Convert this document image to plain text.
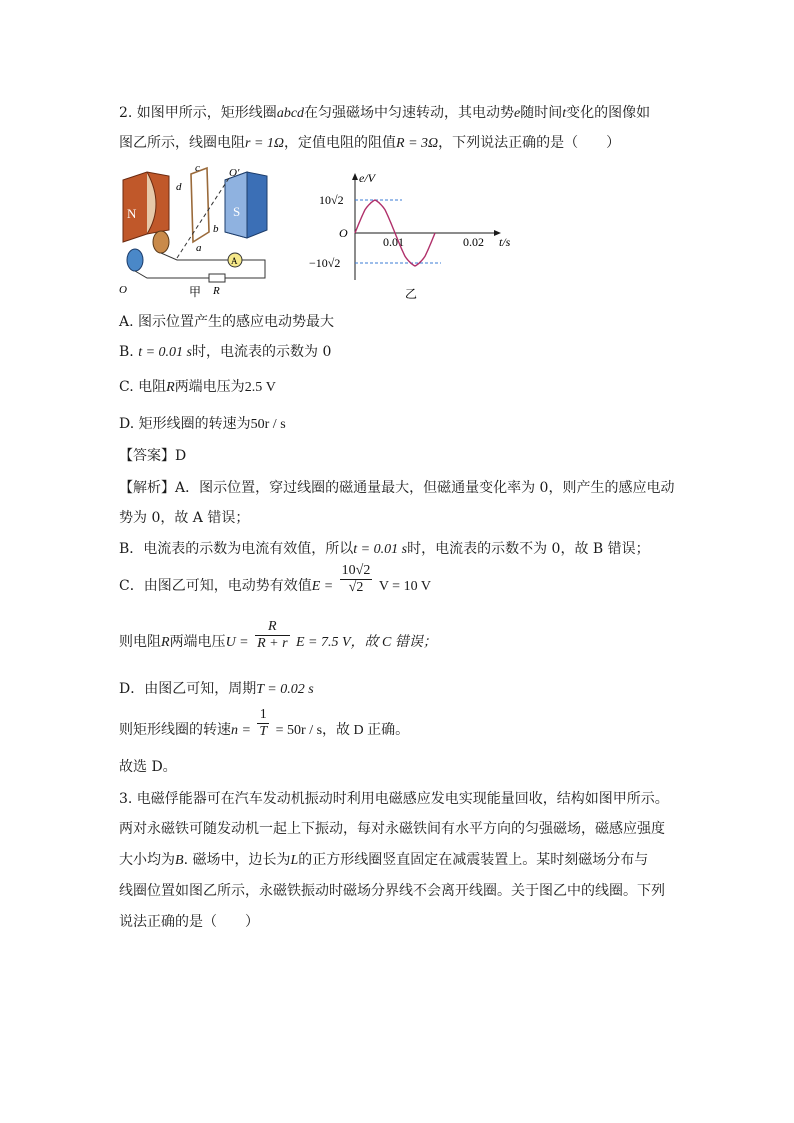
2. 如图甲所示，矩形线圈abcd在匀强磁场中匀速转动，其电动势e随时间t变化的图像如
图乙所示，线圈电阻r = 1Ω，定值电阻的阻值R = 3Ω，下列说法正确的是（　　）
N	S
c
d
b
a
O′
O
A
R
甲
e/V
t/s
O
10√2
−10√2
0.01	0.02
乙
A. 图示位置产生的感应电动势最大
B. t = 0.01 s时，电流表的示数为 0
C. 电阻R两端电压为2.5 V
D. 矩形线圈的转速为50r / s
【答案】D
【解析】A．图示位置，穿过线圈的磁通量最大，但磁通量变化率为 0，则产生的感应电动
势为 0，故 A 错误；
B．电流表的示数为电流有效值，所以t = 0.01 s时，电流表的示数不为 0，故 B 错误；
C．由图乙可知，电动势有效值$E = \frac{10√2}{√2}$ V = 10 V
则电阻R两端电压$U = \frac{R}{R + r}$ E = 7.5 V，故 C 错误；
D．由图乙可知，周期T = 0.02 s
则矩形线圈的转速$n = \frac{1}{T} = 50r / s$，故 D 正确。
故选 D。
3. 电磁俘能器可在汽车发动机振动时利用电磁感应发电实现能量回收，结构如图甲所示。
两对永磁铁可随发动机一起上下振动，每对永磁铁间有水平方向的匀强磁场，磁感应强度
大小均为B. 磁场中，边长为L的正方形线圈竖直固定在减震装置上。某时刻磁场分布与
线圈位置如图乙所示，永磁铁振动时磁场分界线不会离开线圈。关于图乙中的线圈。下列
说法正确的是（　　）
